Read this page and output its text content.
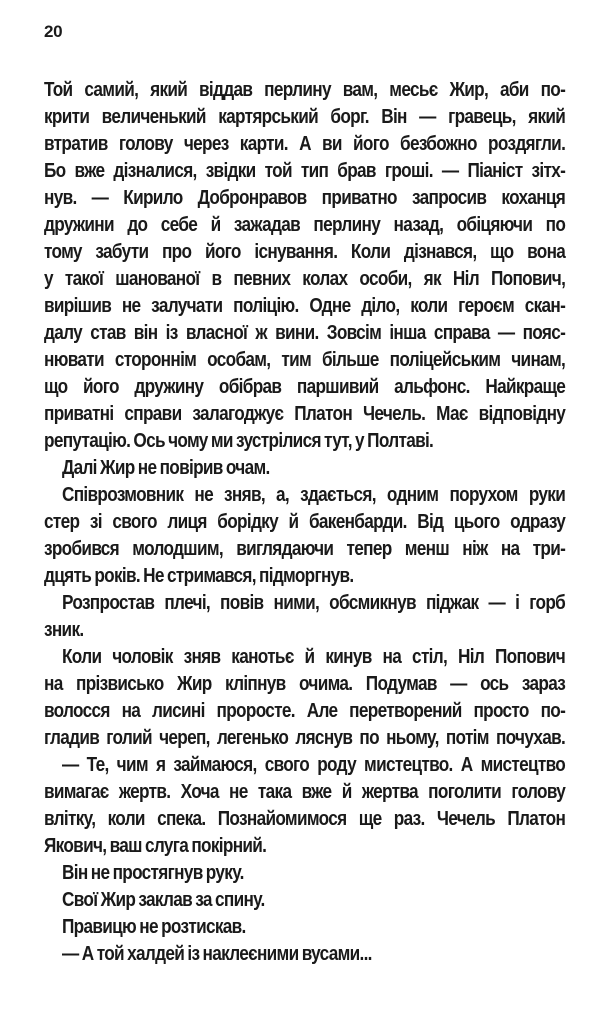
20
Той самий, який віддав перлину вам, месьє Жир, аби по-
крити величенький картярський борг. Він — гравець, який
втратив голову через карти. А ви його безбожно роздягли.
Бо вже дізналися, звідки той тип брав гроші. — Піаніст зітх-
нув. — Кирило Добронравов приватно запросив коханця
дружини до себе й зажадав перлину назад, обіцяючи по
тому забути про його існування. Коли дізнався, що вона
у такої шанованої в певних колах особи, як Ніл Попович,
вирішив не залучати поліцію. Одне діло, коли героєм скан-
далу став він із власної ж вини. Зовсім інша справа — пояс-
нювати стороннім особам, тим більше поліцейським чинам,
що його дружину обібрав паршивий альфонс. Найкраще
приватні справи залагоджує Платон Чечель. Має відповідну
репутацію. Ось чому ми зустрілися тут, у Полтаві.
Далі Жир не повірив очам.
Співрозмовник не зняв, а, здається, одним порухом руки
стер зі свого лиця борідку й бакенбарди. Від цього одразу
зробився молодшим, виглядаючи тепер менш ніж на три-
дцять років. Не стримався, підморгнув.
Розпростав плечі, повів ними, обсмикнув піджак — і горб
зник.
Коли чоловік зняв канотьє й кинув на стіл, Ніл Попович
на прізвисько Жир кліпнув очима. Подумав — ось зараз
волосся на лисині проросте. Але перетворений просто по-
гладив голий череп, легенько ляснув по ньому, потім почухав.
— Те, чим я займаюся, свого роду мистецтво. А мистецтво
вимагає жертв. Хоча не така вже й жертва поголити голову
влітку, коли спека. Познайомимося ще раз. Чечель Платон
Якович, ваш слуга покірний.
Він не простягнув руку.
Свої Жир заклав за спину.
Правицю не розтискав.
— А той халдей із наклеєними вусами...
